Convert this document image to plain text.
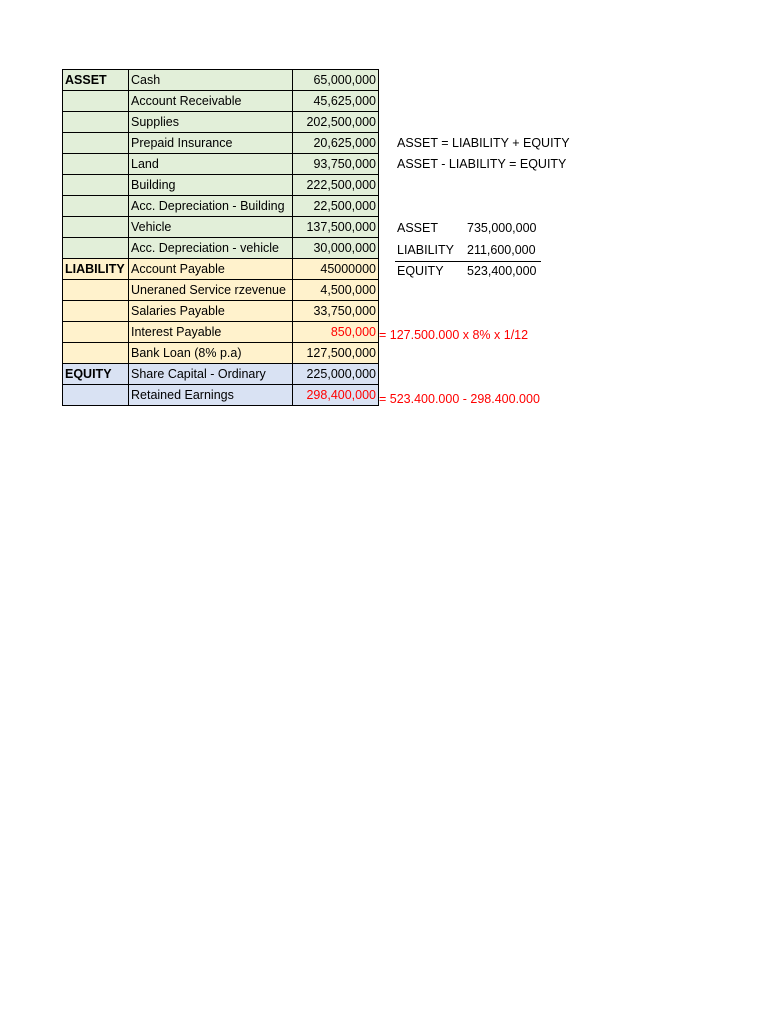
ASSET	Cash	65,000,000
	Account Receivable	45,625,000
	Supplies	202,500,000
	Prepaid Insurance	20,625,000
	Land	93,750,000
	Building	222,500,000
	Acc. Depreciation - Building	22,500,000
	Vehicle	137,500,000
	Acc. Depreciation - vehicle	30,000,000
LIABILITY	Account Payable	45000000
	Uneraned Service rzevenue	4,500,000
	Salaries Payable	33,750,000
	Interest Payable	850,000
	Bank Loan (8% p.a)	127,500,000
EQUITY	Share Capital - Ordinary	225,000,000
	Retained Earnings	298,400,000
ASSET = LIABILITY + EQUITY
ASSET - LIABILITY = EQUITY
ASSET 735,000,000
LIABILITY 211,600,000
EQUITY 523,400,000
= 127.500.000 x 8% x 1/12
= 523.400.000 - 298.400.000
